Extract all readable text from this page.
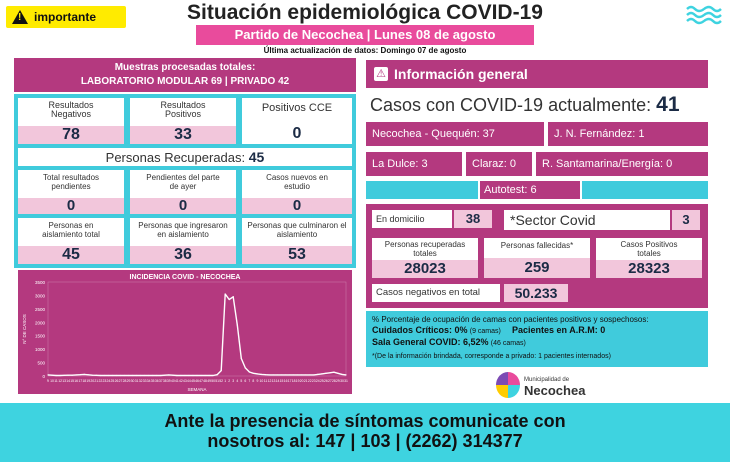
!
importante	Situación epidemiológica COVID-19
Partido de Necochea | Lunes 08 de agosto
Última actualización de datos: Domingo 07 de agosto
Muestras procesadas totales:
LABORATORIO MODULAR 69 | PRIVADO 42
Resultados Negativos
78
Resultados Positivos
33
Positivos CCE
0
Personas Recuperadas: 45
Total resultados pendientes
0
Pendientes del parte de ayer
0
Casos nuevos en estudio
0
Personas en aislamiento total
45
Personas que ingresaron en aislamiento
36
Personas que culminaron el aislamiento
53
INCIDENCIA COVID - NECOCHEA
0
500
1000
1500
2000
2500
3000
3500
N° DE CASOS
9 10 11 12 13 14 15 16 17 18 19 20 21 22 23 24 25 26 27 28 29 30 31 32 33 34 35 36 37 38 39 40 41 42 43 44 45 46 47 48 49 50 51 52 1 2 3 4 5 6 7 8 9 10 11 12 13 14 15 16 17 18 19 20 21 22 23 24 25 26 27 28 29 30 31
SEMANA
⚠ Información general
Casos con COVID-19 actualmente: 41
Necochea - Quequén: 37	J. N. Fernández: 1
La Dulce: 3	Claraz: 0	R. Santamarina/Energía: 0
Autotest: 6
En domicilio	38	*Sector Covid	3
Personas recuperadas totales
28023
Personas fallecidas*
259
Casos Positivos totales
28323
Casos negativos en total	50.233
% Porcentaje de ocupación de camas con pacientes positivos y sospechosos:
Cuidados Críticos: 0% (9 camas) Pacientes en A.R.M: 0
Sala General COVID: 6,52% (46 camas)
*(De la información brindada, corresponde a privado: 1 pacientes internados)
Municipalidad de
Necochea
Ante la presencia de síntomas comunicate con
nosotros al: 147 | 103 | (2262) 314377
